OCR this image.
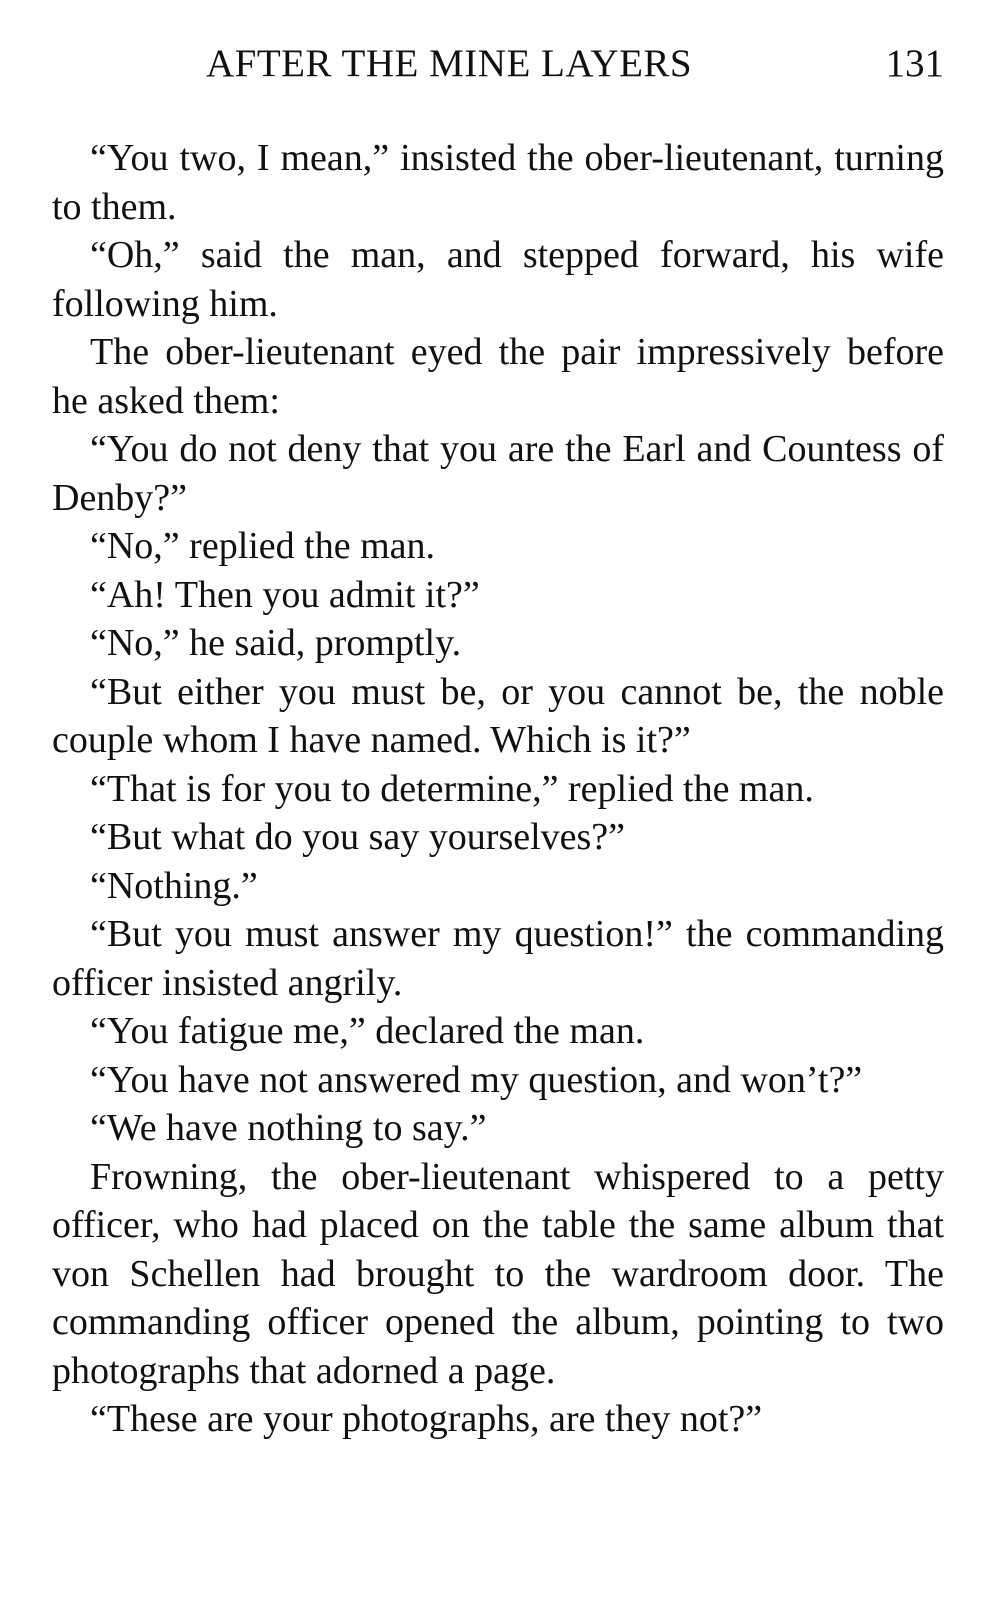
AFTER THE MINE LAYERS	131

“You two, I mean,” insisted the ober-lieutenant, turning to them.

“Oh,” said the man, and stepped forward, his wife following him.

The ober-lieutenant eyed the pair impressively before he asked them:

“You do not deny that you are the Earl and Countess of Denby?”

“No,” replied the man.

“Ah! Then you admit it?”

“No,” he said, promptly.

“But either you must be, or you cannot be, the noble couple whom I have named. Which is it?”

“That is for you to determine,” replied the man.

“But what do you say yourselves?”

“Nothing.”

“But you must answer my question!” the commanding officer insisted angrily.

“You fatigue me,” declared the man.

“You have not answered my question, and won’t?”

“We have nothing to say.”

Frowning, the ober-lieutenant whispered to a petty officer, who had placed on the table the same album that von Schellen had brought to the wardroom door. The commanding officer opened the album, pointing to two photographs that adorned a page.

“These are your photographs, are they not?”
